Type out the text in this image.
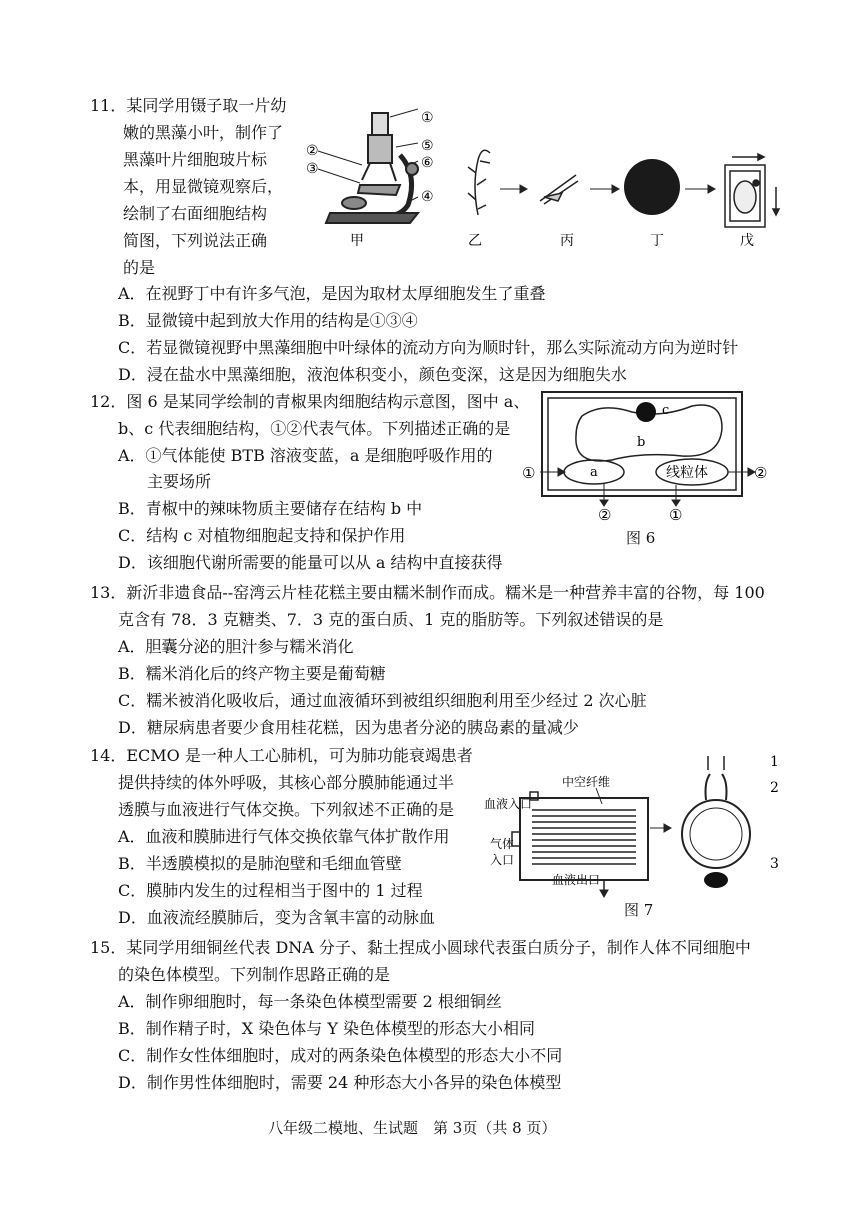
11．某同学用镊子取一片幼
嫩的黑藻小叶，制作了
黑藻叶片细胞玻片标
本，用显微镜观察后，
绘制了右面细胞结构
简图，下列说法正确
的是
A．在视野丁中有许多气泡，是因为取材太厚细胞发生了重叠
B．显微镜中起到放大作用的结构是①③④
C．若显微镜视野中黑藻细胞中叶绿体的流动方向为顺时针，那么实际流动方向为逆时针
D．浸在盐水中黑藻细胞，液泡体积变小，颜色变深，这是因为细胞失水
①
②
③
④
⑤
⑥
甲	乙	丙	丁	戊
12．图 6 是某同学绘制的青椒果肉细胞结构示意图，图中 a、
b、c 代表细胞结构，①②代表气体。下列描述正确的是
A．①气体能使 BTB 溶液变蓝，a 是细胞呼吸作用的
主要场所
B．青椒中的辣味物质主要储存在结构 b 中
C．结构 c 对植物细胞起支持和保护作用
D．该细胞代谢所需要的能量可以从 a 结构中直接获得
c
b
a	线粒体
①	②
②	①
图 6
13．新沂非遗食品--窑湾云片桂花糕主要由糯米制作而成。糯米是一种营养丰富的谷物，每 100
克含有 78．3 克糖类、7．3 克的蛋白质、1 克的脂肪等。下列叙述错误的是
A．胆囊分泌的胆汁参与糯米消化
B．糯米消化后的终产物主要是葡萄糖
C．糯米被消化吸收后，通过血液循环到被组织细胞利用至少经过 2 次心脏
D．糖尿病患者要少食用桂花糕，因为患者分泌的胰岛素的量减少
14．ECMO 是一种人工心肺机，可为肺功能衰竭患者
提供持续的体外呼吸，其核心部分膜肺能通过半
透膜与血液进行气体交换。下列叙述不正确的是
A．血液和膜肺进行气体交换依靠气体扩散作用
B．半透膜模拟的是肺泡壁和毛细血管壁
C．膜肺内发生的过程相当于图中的 1 过程
D．血液流经膜肺后，变为含氧丰富的动脉血
血液入口
中空纤维
气体
入口
血液出口
1
2
3
图 7
15．某同学用细铜丝代表 DNA 分子、黏土捏成小圆球代表蛋白质分子，制作人体不同细胞中
的染色体模型。下列制作思路正确的是
A．制作卵细胞时，每一条染色体模型需要 2 根细铜丝
B．制作精子时，X 染色体与 Y 染色体模型的形态大小相同
C．制作女性体细胞时，成对的两条染色体模型的形态大小不同
D．制作男性体细胞时，需要 24 种形态大小各异的染色体模型
八年级二模地、生试题　第 3页（共 8 页）
